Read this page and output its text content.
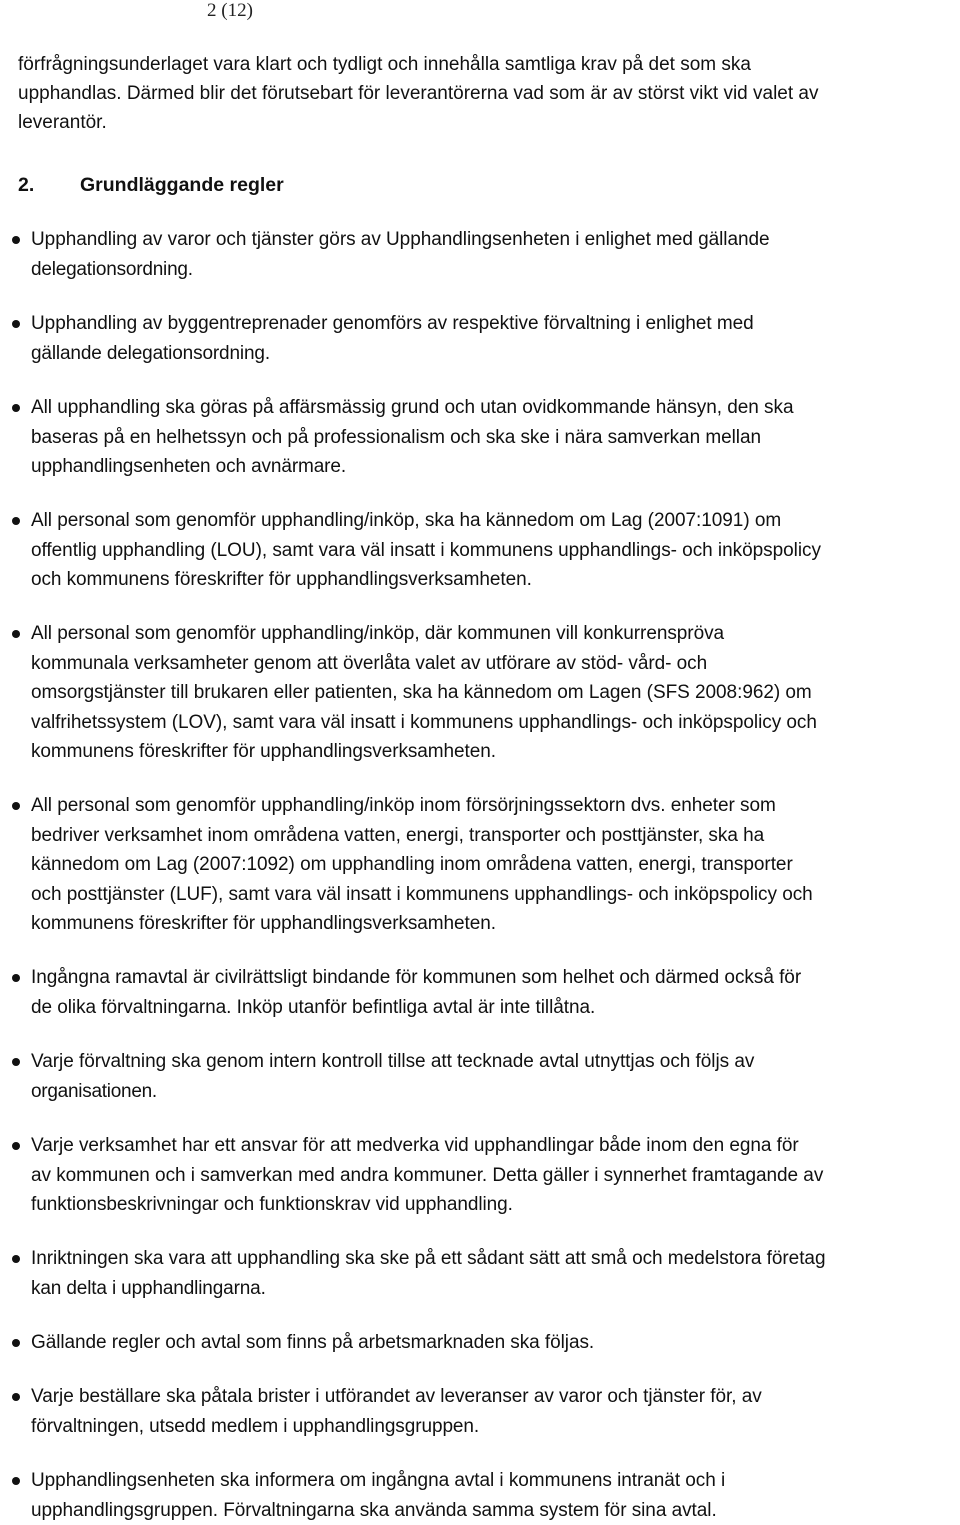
2 (12)
förfrågningsunderlaget vara klart och tydligt och innehålla samtliga krav på det som ska
upphandlas. Därmed blir det förutsebart för leverantörerna vad som är av störst vikt vid valet av
leverantör.
2.	Grundläggande regler

Upphandling av varor och tjänster görs av Upphandlingsenheten i enlighet med gällande
delegationsordning.

Upphandling av byggentreprenader genomförs av respektive förvaltning i enlighet med
gällande delegationsordning.

All upphandling ska göras på affärsmässig grund och utan ovidkommande hänsyn, den ska
baseras på en helhetssyn och på professionalism och ska ske i nära samverkan mellan
upphandlingsenheten och avnärmare.

All personal som genomför upphandling/inköp, ska ha kännedom om Lag (2007:1091) om
offentlig upphandling (LOU), samt vara väl insatt i kommunens upphandlings- och inköpspolicy
och kommunens föreskrifter för upphandlingsverksamheten.

All personal som genomför upphandling/inköp, där kommunen vill konkurrenspröva
kommunala verksamheter genom att överlåta valet av utförare av stöd- vård- och
omsorgstjänster till brukaren eller patienten, ska ha kännedom om Lagen (SFS 2008:962) om
valfrihetssystem (LOV), samt vara väl insatt i kommunens upphandlings- och inköpspolicy och
kommunens föreskrifter för upphandlingsverksamheten.

All personal som genomför upphandling/inköp inom försörjningssektorn dvs. enheter som
bedriver verksamhet inom områdena vatten, energi, transporter och posttjänster, ska ha
kännedom om Lag (2007:1092) om upphandling inom områdena vatten, energi, transporter
och posttjänster (LUF), samt vara väl insatt i kommunens upphandlings- och inköpspolicy och
kommunens föreskrifter för upphandlingsverksamheten.

Ingångna ramavtal är civilrättsligt bindande för kommunen som helhet och därmed också för
de olika förvaltningarna. Inköp utanför befintliga avtal är inte tillåtna.

Varje förvaltning ska genom intern kontroll tillse att tecknade avtal utnyttjas och följs av
organisationen.

Varje verksamhet har ett ansvar för att medverka vid upphandlingar både inom den egna för
av kommunen och i samverkan med andra kommuner. Detta gäller i synnerhet framtagande av
funktionsbeskrivningar och funktionskrav vid upphandling.

Inriktningen ska vara att upphandling ska ske på ett sådant sätt att små och medelstora företag
kan delta i upphandlingarna.

Gällande regler och avtal som finns på arbetsmarknaden ska följas.

Varje beställare ska påtala brister i utförandet av leveranser av varor och tjänster för, av
förvaltningen, utsedd medlem i upphandlingsgruppen.

Upphandlingsenheten ska informera om ingångna avtal i kommunens intranät och i
upphandlingsgruppen. Förvaltningarna ska använda samma system för sina avtal.
